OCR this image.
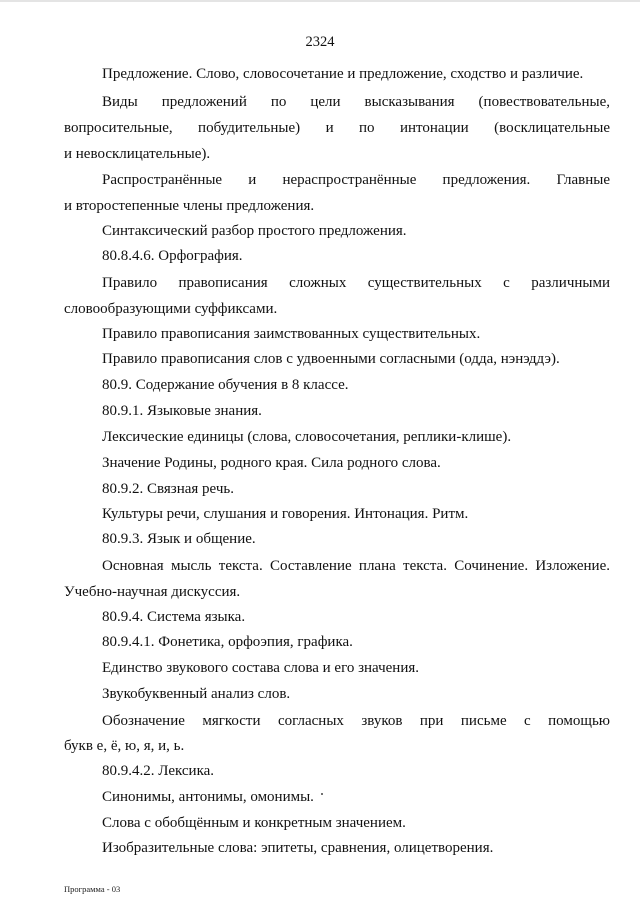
2324
Предложение. Слово, словосочетание и предложение, сходство и различие.
Виды предложений по цели высказывания (повествовательные,
вопросительные, побудительные) и по интонации (восклицательные
и невосклицательные).
Распространённые и нераспространённые предложения. Главные
и второстепенные члены предложения.
Синтаксический разбор простого предложения.
80.8.4.6. Орфография.
Правило правописания сложных существительных с различными
словообразующими суффиксами.
Правило правописания заимствованных существительных.
Правило правописания слов с удвоенными согласными (одда, нэнэддэ).
80.9. Содержание обучения в 8 классе.
80.9.1. Языковые знания.
Лексические единицы (слова, словосочетания, реплики-клише).
Значение Родины, родного края. Сила родного слова.
80.9.2. Связная речь.
Культуры речи, слушания и говорения. Интонация. Ритм.
80.9.3. Язык и общение.
Основная мысль текста. Составление плана текста. Сочинение. Изложение.
Учебно-научная дискуссия.
80.9.4. Система языка.
80.9.4.1. Фонетика, орфоэпия, графика.
Единство звукового состава слова и его значения.
Звукобуквенный анализ слов.
Обозначение мягкости согласных звуков при письме с помощью
букв е, ё, ю, я, и, ь.
80.9.4.2. Лексика.
Синонимы, антонимы, омонимы.
Слова с обобщённым и конкретным значением.
Изобразительные слова: эпитеты, сравнения, олицетворения.
Программа - 03
